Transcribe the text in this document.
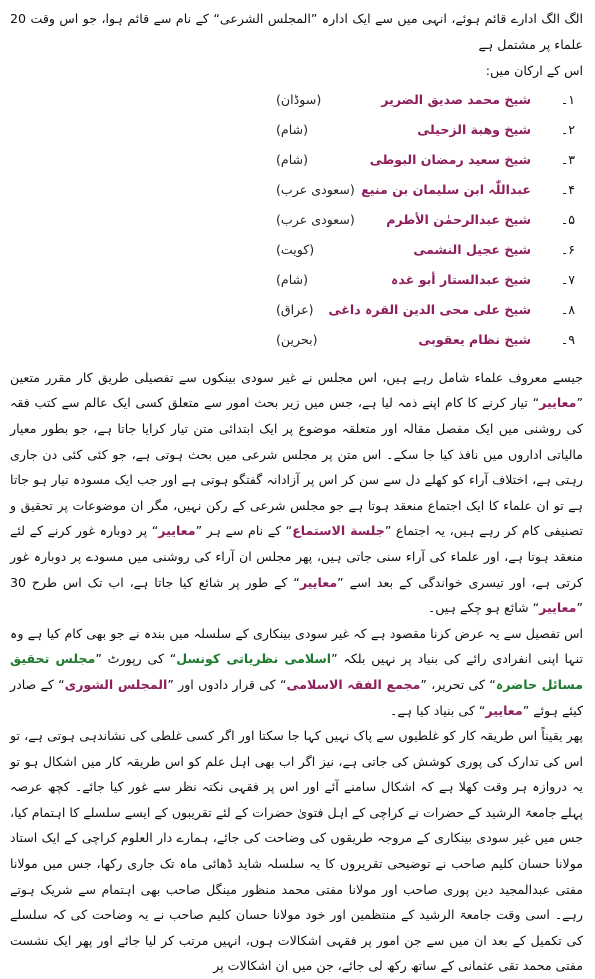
الگ الگ ادارے قائم ہوئے، انہی میں سے ایک ادارہ ”المجلس الشرعی“ کے نام سے قائم ہوا، جو اس وقت 20 علماء پر مشتمل ہے

اس کے ارکان میں:

۱۔
شیخ محمد صدیق الضریر
(سوڈان)
۲۔
شیخ وھبة الزحیلی
(شام)
۳۔
شیخ سعید رمضان البوطی
(شام)
۴۔
عبداللّٰہ ابن سلیمان بن منیع
(سعودی عرب)
۵۔
شیخ عبدالرحمٰن الأطرم
(سعودی عرب)
۶۔
شیخ عجیل النشمی
(کویت)
۷۔
شیخ عبدالستار أبو غدہ
(شام)
۸۔
شیخ علی محی الدین القرہ داغی
(عراق)
۹۔
شیخ نظام یعقوبی
(بحرین)

جیسے معروف علماء شامل رہے ہیں، اس مجلس نے غیر سودی بینکوں سے تفصیلی طریق کار مقرر متعین ”معاییر“ تیار کرنے کا کام اپنے ذمہ لیا ہے، جس میں زیر بحث امور سے متعلق کسی ایک عالم سے کتب فقہ کی روشنی میں ایک مفصل مقالہ اور متعلقہ موضوع پر ایک ابتدائی متن تیار کرایا جاتا ہے، جو بطور معیار مالیاتی اداروں میں نافذ کیا جا سکے۔ اس متن پر مجلس شرعی میں بحث ہوتی ہے، جو کئی کئی دن جاری رہتی ہے، اختلاف آراء کو کھلے دل سے سن کر اس پر آزادانہ گفتگو ہوتی ہے اور جب ایک مسودہ تیار ہو جاتا ہے تو ان علماء کا ایک اجتماع منعقد ہوتا ہے جو مجلس شرعی کے رکن نہیں، مگر ان موضوعات پر تحقیق و تصنیفی کام کر رہے ہیں، یہ اجتماع ”جلسة الاستماع“ کے نام سے ہر ”معاییر“ پر دوبارہ غور کرنے کے لئے منعقد ہوتا ہے، اور علماء کی آراء سنی جاتی ہیں، پھر مجلس ان آراء کی روشنی میں مسودے پر دوبارہ غور کرتی ہے، اور تیسری خواندگی کے بعد اسے ”معاییر“ کے طور پر شائع کیا جاتا ہے، اب تک اس طرح 30 ”معاییر“ شائع ہو چکے ہیں۔

اس تفصیل سے یہ عرض کرنا مقصود ہے کہ غیر سودی بینکاری کے سلسلہ میں بندہ نے جو بھی کام کیا ہے وہ تنہا اپنی انفرادی رائے کی بنیاد پر نہیں بلکہ ”اسلامی نظریاتی کونسل“ کی رپورٹ ”مجلس تحقیق مسائل حاضرہ“ کی تحریر، ”مجمع الفقہ الاسلامی“ کی قرار دادوں اور ”المجلس الشوری“ کے صادر کیئے ہوئے ”معاییر“ کی بنیاد کیا ہے۔

پھر یقیناً اس طریقہ کار کو غلطیوں سے پاک نہیں کہا جا سکتا اور اگر کسی غلطی کی نشاندہی ہوتی ہے، تو اس کی تدارک کی پوری کوشش کی جاتی ہے، نیز اگر اب بھی اہل علم کو اس طریقہ کار میں اشکال ہو تو یہ دروازہ ہر وقت کھلا ہے کہ اشکال سامنے آئے اور اس پر فقہی نکتہ نظر سے غور کیا جائے۔ کچھ عرصہ پہلے جامعۃ الرشید کے حضرات نے کراچی کے اہل فتویٰ حضرات کے لئے تقریبوں کے ایسے سلسلے کا اہتمام کیا، جس میں غیر سودی بینکاری کے مروجہ طریقوں کی وضاحت کی جائے، ہمارے دار العلوم کراچی کے ایک استاد مولانا حسان کلیم صاحب نے توضیحی تقریروں کا یہ سلسلہ شاید ڈھائی ماہ تک جاری رکھا، جس میں مولانا مفتی عبدالمجید دین پوری صاحب اور مولانا مفتی محمد منظور مینگل صاحب بھی اہتمام سے شریک ہوتے رہے۔ اسی وقت جامعۃ الرشید کے منتظمین اور خود مولانا حسان کلیم صاحب نے یہ وضاحت کی کہ سلسلے کی تکمیل کے بعد ان میں سے جن امور پر فقہی اشکالات ہوں، انہیں مرتب کر لیا جائے اور پھر ایک نشست مفتی محمد تقی عثمانی کے ساتھ رکھ لی جائے، جن میں ان اشکالات پر
